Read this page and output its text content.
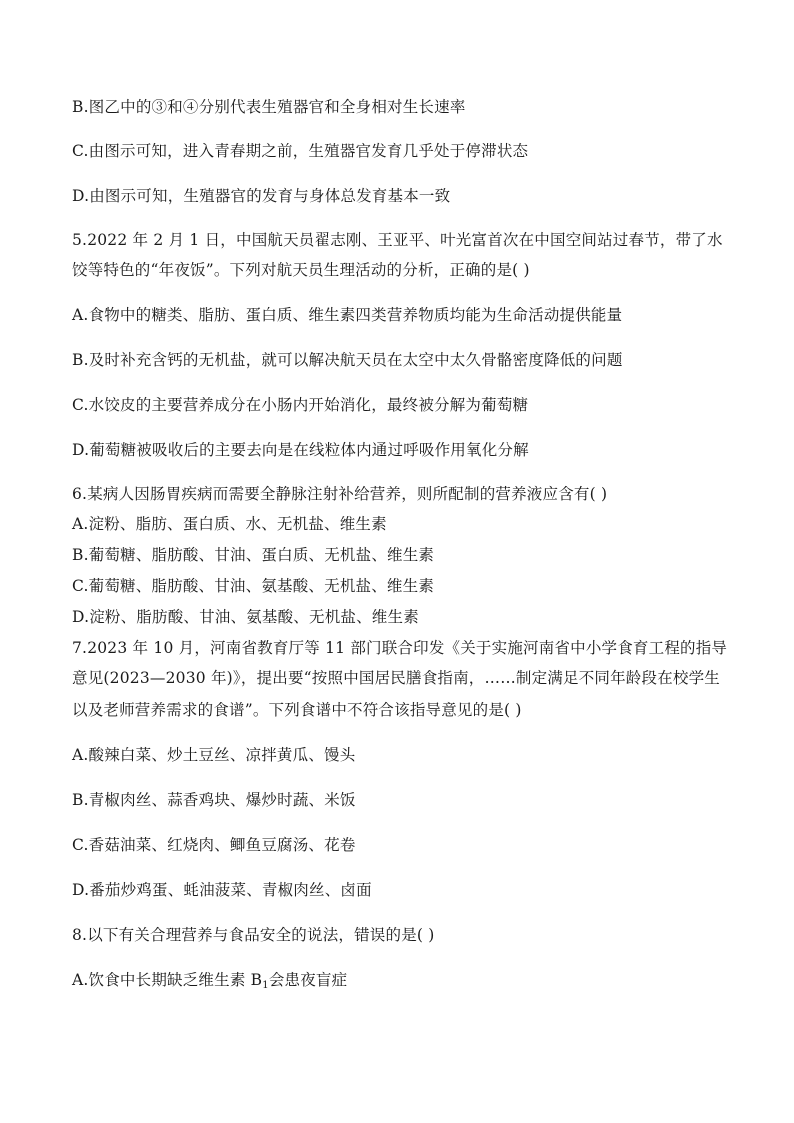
B.图乙中的③和④分别代表生殖器官和全身相对生长速率
C.由图示可知，进入青春期之前，生殖器官发育几乎处于停滞状态
D.由图示可知，生殖器官的发育与身体总发育基本一致
5.2022 年 2 月 1 日，中国航天员翟志刚、王亚平、叶光富首次在中国空间站过春节，带了水
饺等特色的“年夜饭”。下列对航天员生理活动的分析，正确的是( )
A.食物中的糖类、脂肪、蛋白质、维生素四类营养物质均能为生命活动提供能量
B.及时补充含钙的无机盐，就可以解决航天员在太空中太久骨骼密度降低的问题
C.水饺皮的主要营养成分在小肠内开始消化，最终被分解为葡萄糖
D.葡萄糖被吸收后的主要去向是在线粒体内通过呼吸作用氧化分解
6.某病人因肠胃疾病而需要全静脉注射补给营养，则所配制的营养液应含有( )
A.淀粉、脂肪、蛋白质、水、无机盐、维生素
B.葡萄糖、脂肪酸、甘油、蛋白质、无机盐、维生素
C.葡萄糖、脂肪酸、甘油、氨基酸、无机盐、维生素
D.淀粉、脂肪酸、甘油、氨基酸、无机盐、维生素
7.2023 年 10 月，河南省教育厅等 11 部门联合印发《关于实施河南省中小学食育工程的指导
意见(2023—2030 年)》，提出要“按照中国居民膳食指南，……制定满足不同年龄段在校学生
以及老师营养需求的食谱”。下列食谱中不符合该指导意见的是( )
A.酸辣白菜、炒土豆丝、凉拌黄瓜、馒头
B.青椒肉丝、蒜香鸡块、爆炒时蔬、米饭
C.香菇油菜、红烧肉、鲫鱼豆腐汤、花卷
D.番茄炒鸡蛋、蚝油菠菜、青椒肉丝、卤面
8.以下有关合理营养与食品安全的说法，错误的是( )
A.饮食中长期缺乏维生素 $B_1$会患夜盲症
